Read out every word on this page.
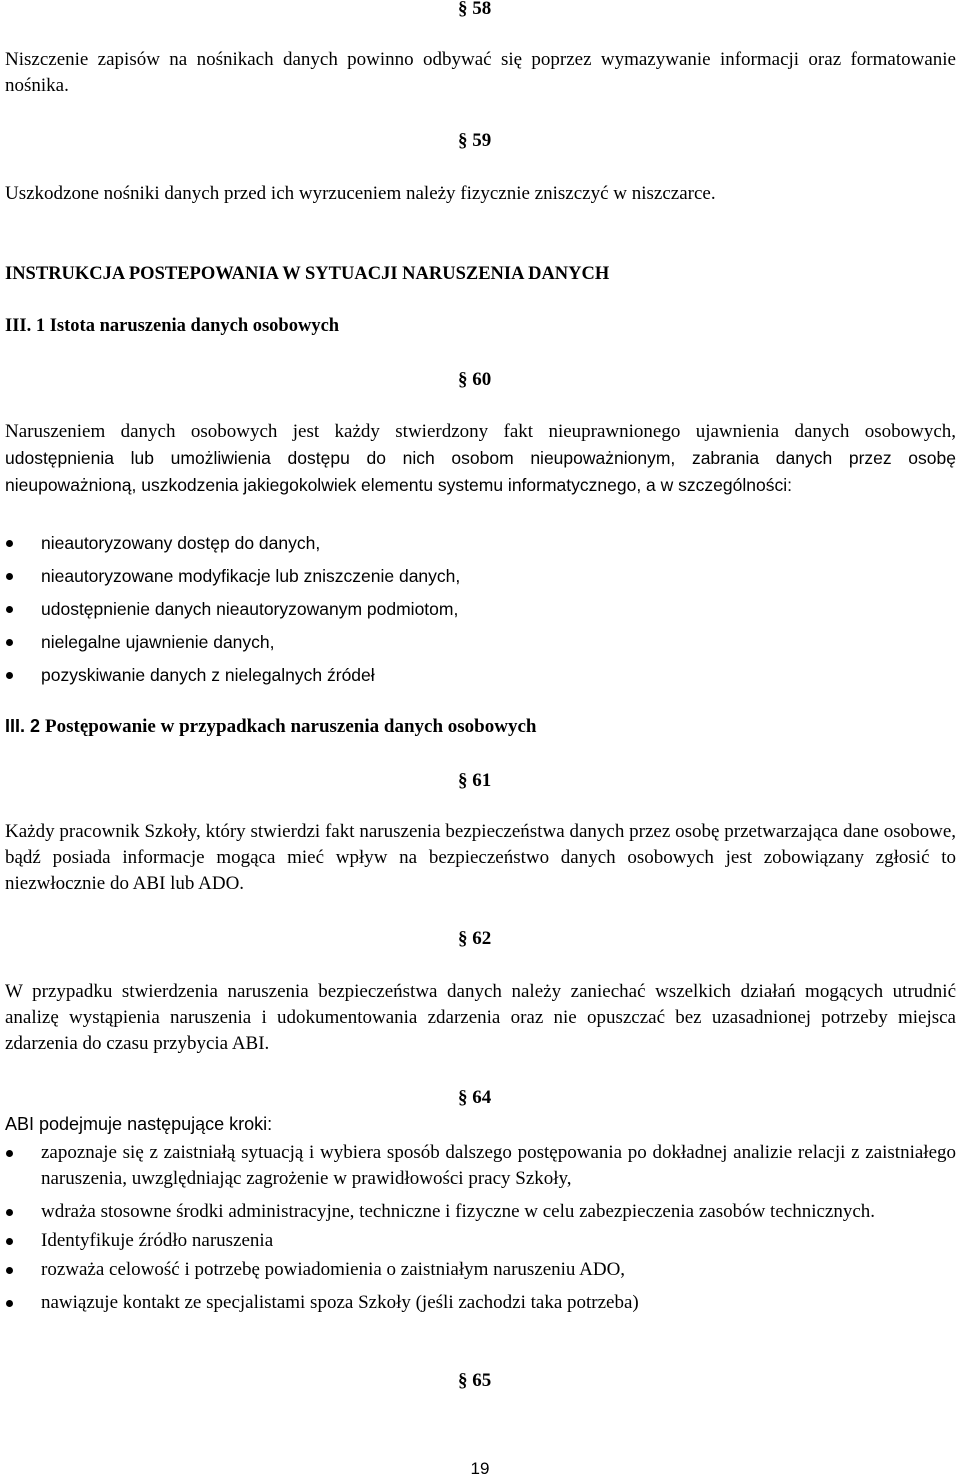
§ 58

Niszczenie zapisów na nośnikach danych powinno odbywać się poprzez wymazywanie informacji oraz formatowanie nośnika.

§ 59

Uszkodzone nośniki danych przed ich wyrzuceniem należy fizycznie zniszczyć w niszczarce.

INSTRUKCJA POSTEPOWANIA W SYTUACJI NARUSZENIA DANYCH
III. 1 Istota naruszenia danych osobowych
§ 60

Naruszeniem danych osobowych jest każdy stwierdzony fakt nieuprawnionego ujawnienia danych osobowych, udostępnienia lub umożliwienia dostępu do nich osobom nieupoważnionym, zabrania danych przez osobę nieupoważnioną, uszkodzenia jakiegokolwiek elementu systemu informatycznego, a w szczególności:

nieautoryzowany dostęp do danych,
nieautoryzowane modyfikacje lub zniszczenie danych,
udostępnienie danych nieautoryzowanym podmiotom,
nielegalne ujawnienie danych,
pozyskiwanie danych z nielegalnych źródeł
III. 2 Postępowanie w przypadkach naruszenia danych osobowych
§ 61

Każdy pracownik Szkoły, który stwierdzi fakt naruszenia bezpieczeństwa danych przez osobę przetwarzająca dane osobowe, bądź posiada informacje mogąca mieć wpływ na bezpieczeństwo danych osobowych jest zobowiązany zgłosić to niezwłocznie do ABI lub ADO.

§ 62

W przypadku stwierdzenia naruszenia bezpieczeństwa danych należy zaniechać wszelkich działań mogących utrudnić analizę wystąpienia naruszenia i udokumentowania zdarzenia oraz nie opuszczać bez uzasadnionej potrzeby miejsca zdarzenia do czasu przybycia ABI.

§ 64

ABI podejmuje następujące kroki:

zapoznaje się z zaistniałą sytuacją i wybiera sposób dalszego postępowania po dokładnej analizie relacji z zaistniałego naruszenia, uwzględniając zagrożenie w prawidłowości pracy Szkoły,
wdraża stosowne środki administracyjne, techniczne i fizyczne w celu zabezpieczenia zasobów technicznych.
Identyfikuje źródło naruszenia
rozważa celowość i potrzebę powiadomienia o zaistniałym naruszeniu ADO,
nawiązuje kontakt ze specjalistami spoza Szkoły (jeśli zachodzi taka potrzeba)
§ 65
19
